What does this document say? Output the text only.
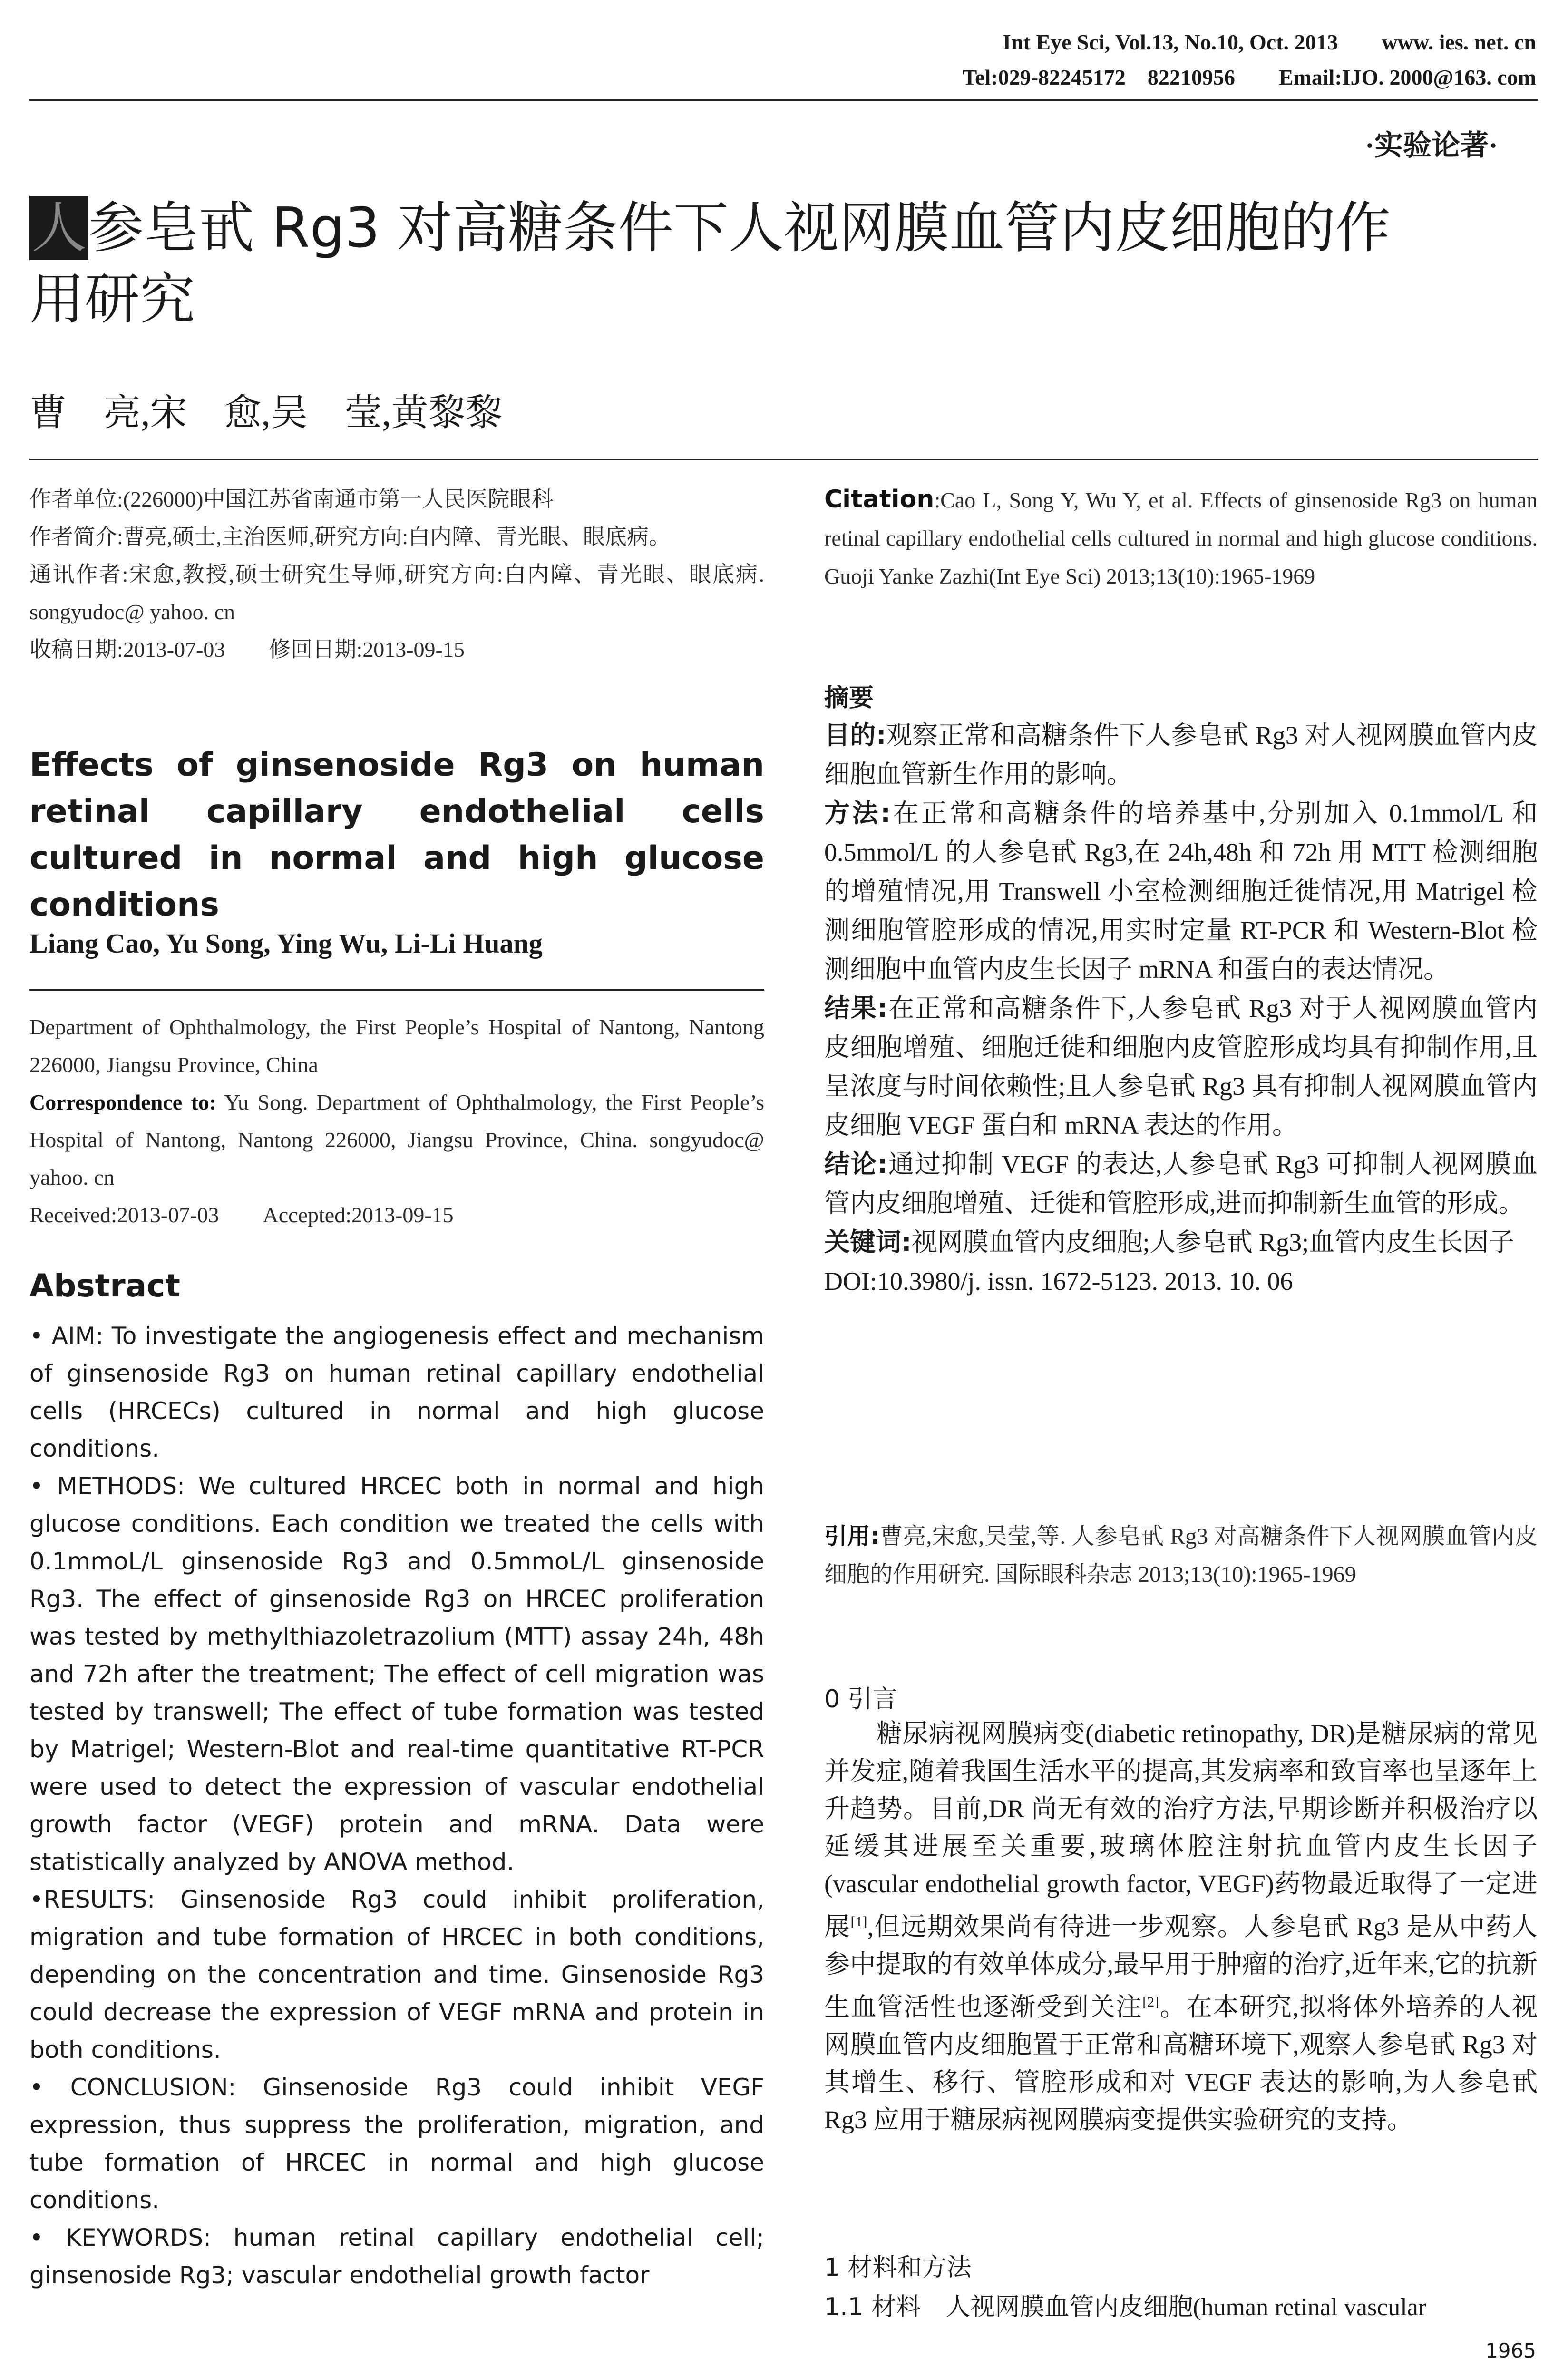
Int Eye Sci, Vol.13, No.10, Oct. 2013        www. ies. net. cn
Tel:029-82245172    82210956        Email:IJO. 2000@163. com
·实验论著·
人参皂甙 Rg3 对高糖条件下人视网膜血管内皮细胞的作
用研究
曹　亮,宋　愈,吴　莹,黄黎黎
作者单位:(226000)中国江苏省南通市第一人民医院眼科
作者简介:曹亮,硕士,主治医师,研究方向:白内障、青光眼、眼底病。
通讯作者:宋愈,教授,硕士研究生导师,研究方向:白内障、青光眼、眼底病. songyudoc@ yahoo. cn
收稿日期:2013-07-03　　修回日期:2013-09-15
Effects of ginsenoside Rg3 on human retinal capillary endothelial cells cultured in normal and high glucose conditions
Liang Cao, Yu Song, Ying Wu, Li-Li Huang
Department of Ophthalmology, the First People’s Hospital of Nantong, Nantong 226000, Jiangsu Province, China
Correspondence to: Yu Song. Department of Ophthalmology, the First People’s Hospital of Nantong, Nantong 226000, Jiangsu Province, China. songyudoc@ yahoo. cn
Received:2013-07-03　　Accepted:2013-09-15
Abstract

• AIM: To investigate the angiogenesis effect and mechanism of ginsenoside Rg3 on human retinal capillary endothelial cells (HRCECs) cultured in normal and high glucose conditions.

• METHODS: We cultured HRCEC both in normal and high glucose conditions. Each condition we treated the cells with 0.1mmoL/L ginsenoside Rg3 and 0.5mmoL/L ginsenoside Rg3. The effect of ginsenoside Rg3 on HRCEC proliferation was tested by methylthiazoletrazolium (MTT) assay 24h, 48h and 72h after the treatment; The effect of cell migration was tested by transwell; The effect of tube formation was tested by Matrigel; Western-Blot and real-time quantitative RT-PCR were used to detect the expression of vascular endothelial growth factor (VEGF) protein and mRNA. Data were statistically analyzed by ANOVA method.

•RESULTS: Ginsenoside Rg3 could inhibit proliferation, migration and tube formation of HRCEC in both conditions, depending on the concentration and time. Ginsenoside Rg3 could decrease the expression of VEGF mRNA and protein in both conditions.

• CONCLUSION: Ginsenoside Rg3 could inhibit VEGF expression, thus suppress the proliferation, migration, and tube formation of HRCEC in normal and high glucose conditions.

• KEYWORDS: human retinal capillary endothelial cell; ginsenoside Rg3; vascular endothelial growth factor

Citation:Cao L, Song Y, Wu Y, et al. Effects of ginsenoside Rg3 on human retinal capillary endothelial cells cultured in normal and high glucose conditions. Guoji Yanke Zazhi(Int Eye Sci) 2013;13(10):1965-1969
摘要
目的:观察正常和高糖条件下人参皂甙 Rg3 对人视网膜血管内皮细胞血管新生作用的影响。
方法:在正常和高糖条件的培养基中,分别加入 0.1mmol/L 和 0.5mmol/L 的人参皂甙 Rg3,在 24h,48h 和 72h 用 MTT 检测细胞的增殖情况,用 Transwell 小室检测细胞迁徙情况,用 Matrigel 检测细胞管腔形成的情况,用实时定量 RT-PCR 和 Western-Blot 检测细胞中血管内皮生长因子 mRNA 和蛋白的表达情况。
结果:在正常和高糖条件下,人参皂甙 Rg3 对于人视网膜血管内皮细胞增殖、细胞迁徙和细胞内皮管腔形成均具有抑制作用,且呈浓度与时间依赖性;且人参皂甙 Rg3 具有抑制人视网膜血管内皮细胞 VEGF 蛋白和 mRNA 表达的作用。
结论:通过抑制 VEGF 的表达,人参皂甙 Rg3 可抑制人视网膜血管内皮细胞增殖、迁徙和管腔形成,进而抑制新生血管的形成。
关键词:视网膜血管内皮细胞;人参皂甙 Rg3;血管内皮生长因子
DOI:10.3980/j. issn. 1672-5123. 2013. 10. 06
引用:曹亮,宋愈,吴莹,等. 人参皂甙 Rg3 对高糖条件下人视网膜血管内皮细胞的作用研究. 国际眼科杂志 2013;13(10):1965-1969
0 引言
糖尿病视网膜病变(diabetic retinopathy, DR)是糖尿病的常见并发症,随着我国生活水平的提高,其发病率和致盲率也呈逐年上升趋势。目前,DR 尚无有效的治疗方法,早期诊断并积极治疗以延缓其进展至关重要,玻璃体腔注射抗血管内皮生长因子(vascular endothelial growth factor, VEGF)药物最近取得了一定进展[1],但远期效果尚有待进一步观察。人参皂甙 Rg3 是从中药人参中提取的有效单体成分,最早用于肿瘤的治疗,近年来,它的抗新生血管活性也逐渐受到关注[2]。在本研究,拟将体外培养的人视网膜血管内皮细胞置于正常和高糖环境下,观察人参皂甙 Rg3 对其增生、移行、管腔形成和对 VEGF 表达的影响,为人参皂甙 Rg3 应用于糖尿病视网膜病变提供实验研究的支持。
1 材料和方法
1.1 材料　人视网膜血管内皮细胞(human retinal vascular
1965
